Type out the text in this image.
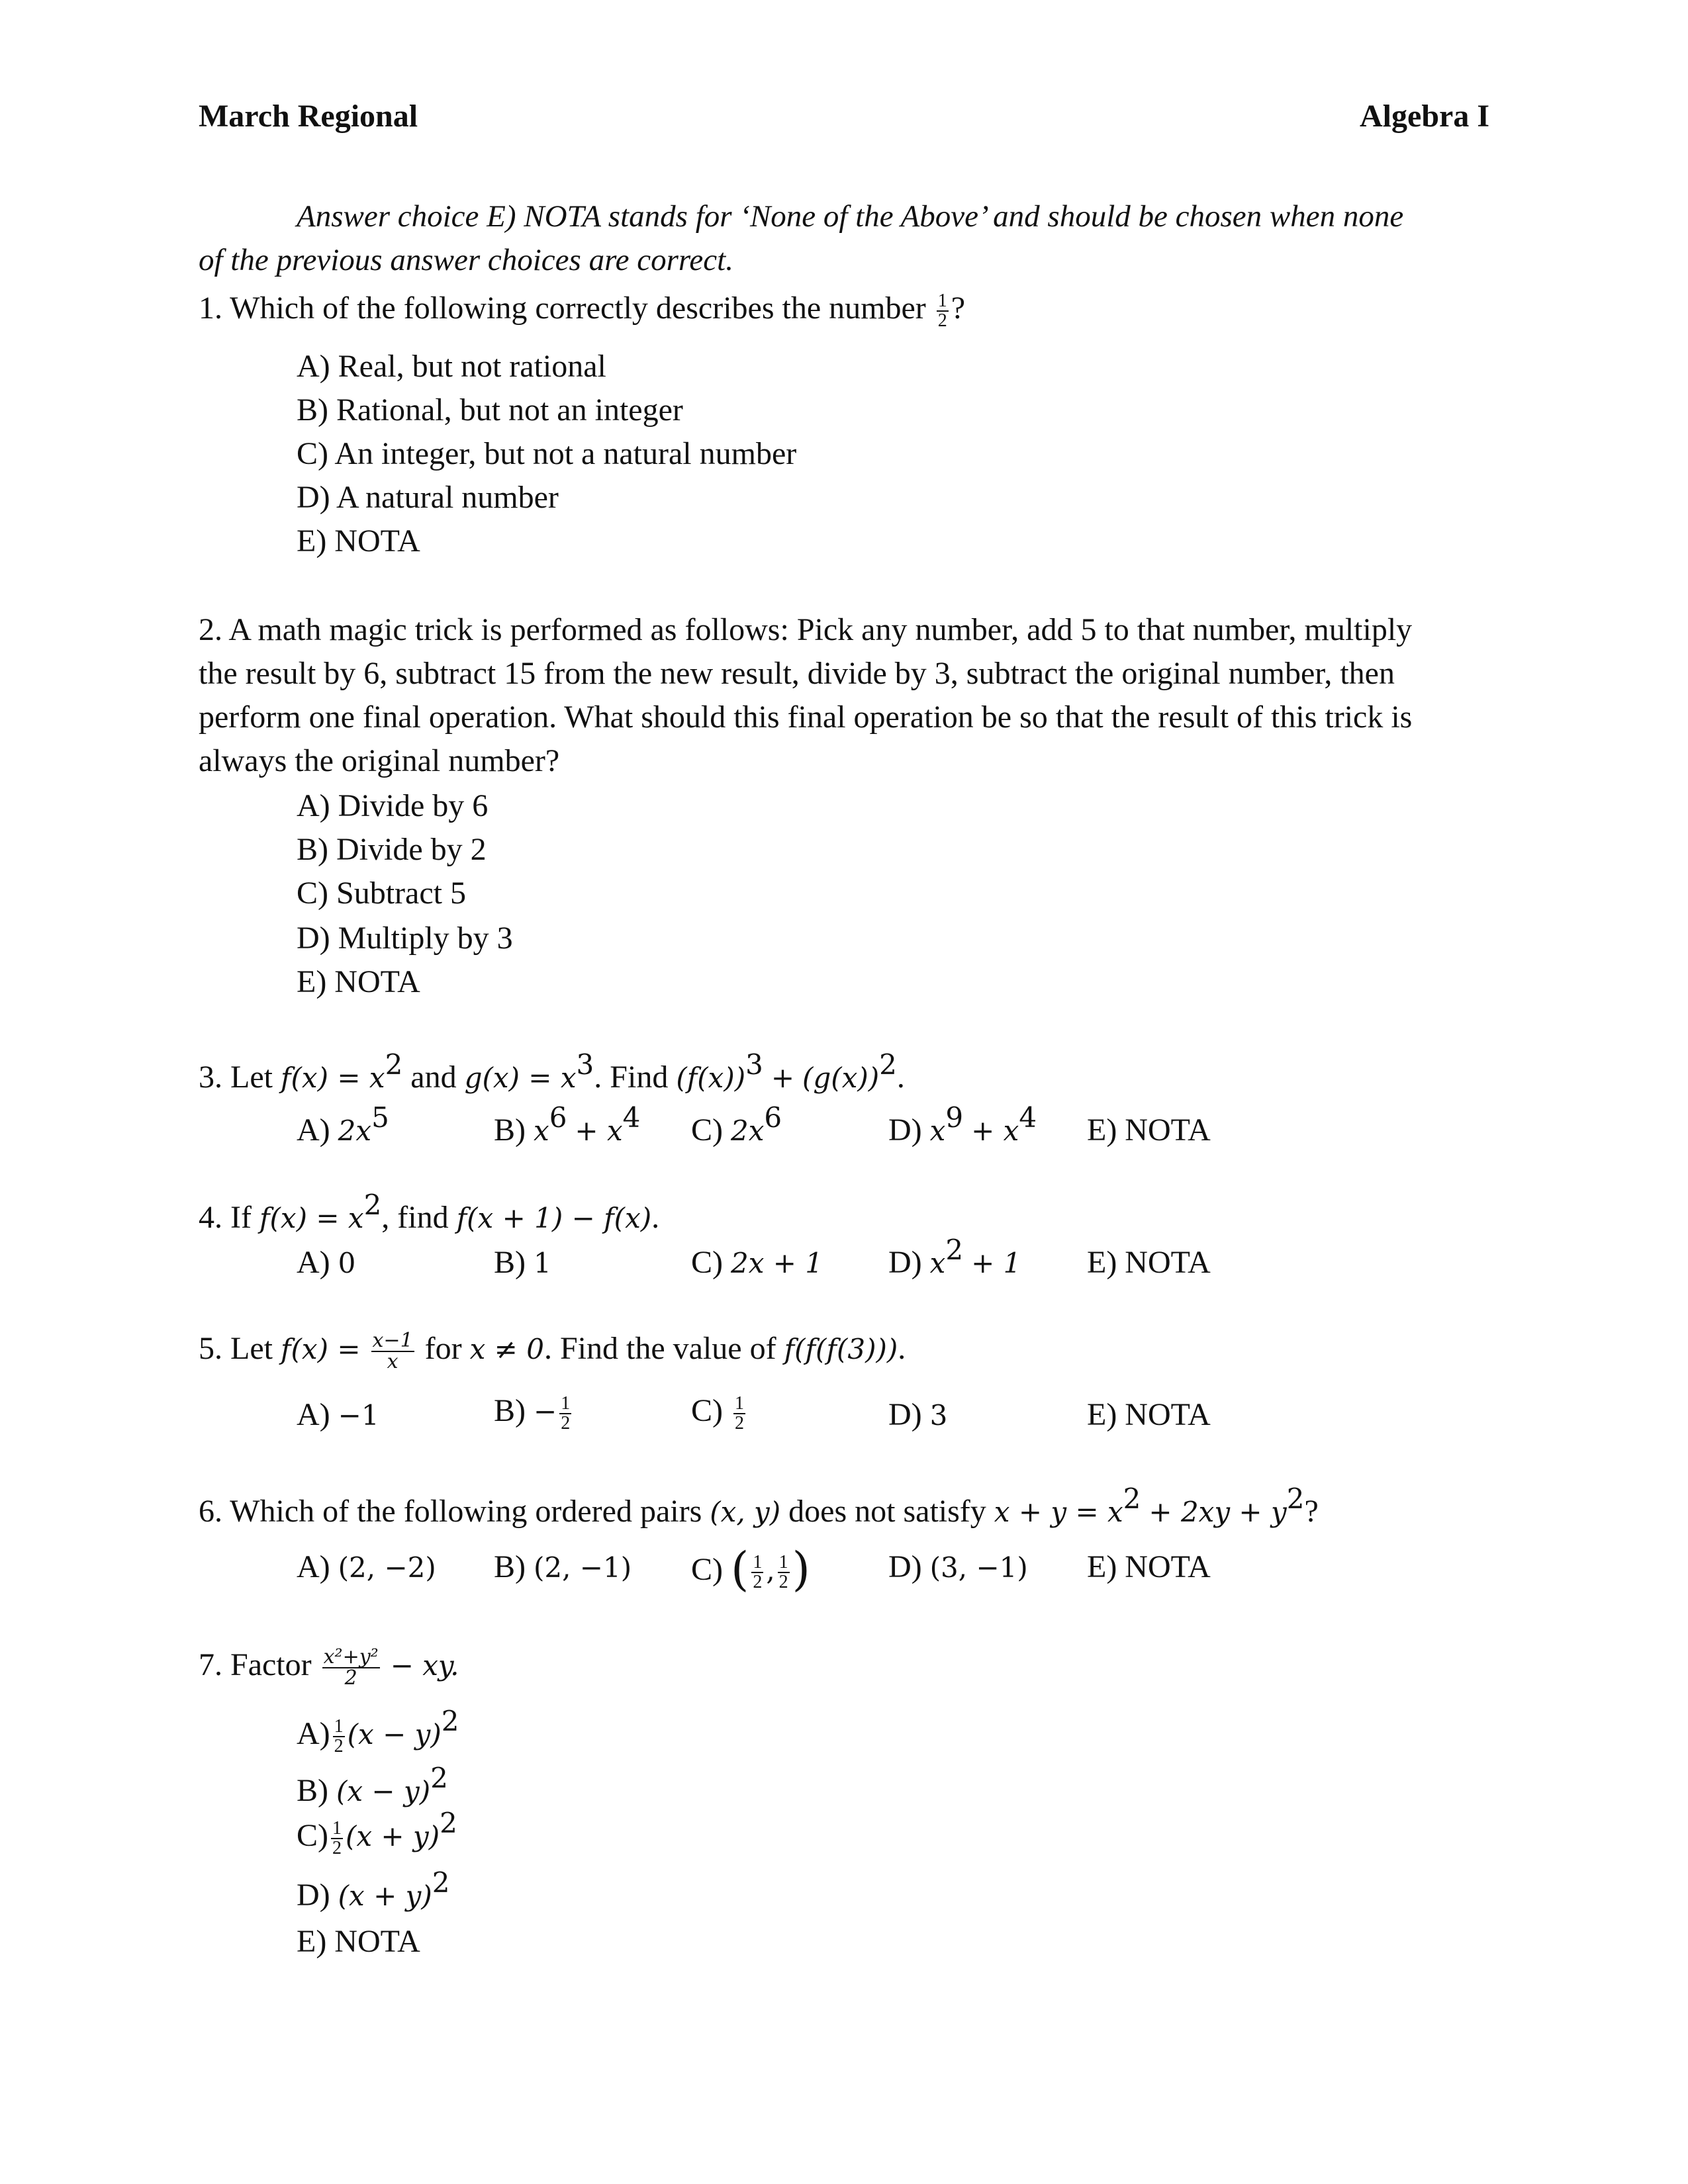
March Regional	Algebra I
Answer choice E) NOTA stands for ‘None of the Above’ and should be chosen when none
of the previous answer choices are correct.
1. Which of the following correctly describes the number $\frac{1}{2}$ ?
A) Real, but not rational
B) Rational, but not an integer
C) An integer, but not a natural number
D) A natural number
E) NOTA
2. A math magic trick is performed as follows: Pick any number, add 5 to that number, multiply
the result by 6, subtract 15 from the new result, divide by 3, subtract the original number, then
perform one final operation. What should this final operation be so that the result of this trick is
always the original number?
A) Divide by 6
B) Divide by 2
C) Subtract 5
D) Multiply by 3
E) NOTA
3. Let $f(x) = x^2$ and $g(x) = x^3$. Find $(f(x))^3 + (g(x))^2$.
A) $2x^5$	B) $x^6 + x^4$ C) $2x^6$	D) $x^9 + x^4$ E) NOTA
4. If $f(x) = x^2$, find f(x + 1) − f(x).
A) 0	B) 1	C) 2x + 1 D) $x^2 + 1$ E) NOTA
5. Let $f(x) = \frac{x-1}{x}$ for x ≠ 0. Find the value of f(f(f(3))).
A) −1	$B) - \frac{1}{2}$	$C) \frac{1}{2}$	D) 3	E) NOTA
6. Which of the following ordered pairs (x, y) does not satisfy $x + y = x^2 + 2xy + y^2$?
A) (2, −2) B) (2, −1) C) ( $\frac{1}{2}$ , $\frac{1}{2}$ ) D) (3, −1) E) NOTA
7. Factor $\frac{\text{x²+y²}}{2}$ − xy.
$A) \frac{1}{2} (x - y)^2$
B) $(x - y)^2$
$C) \frac{1}{2} (x + y)^2$
D) $(x + y)^2$
E) NOTA
